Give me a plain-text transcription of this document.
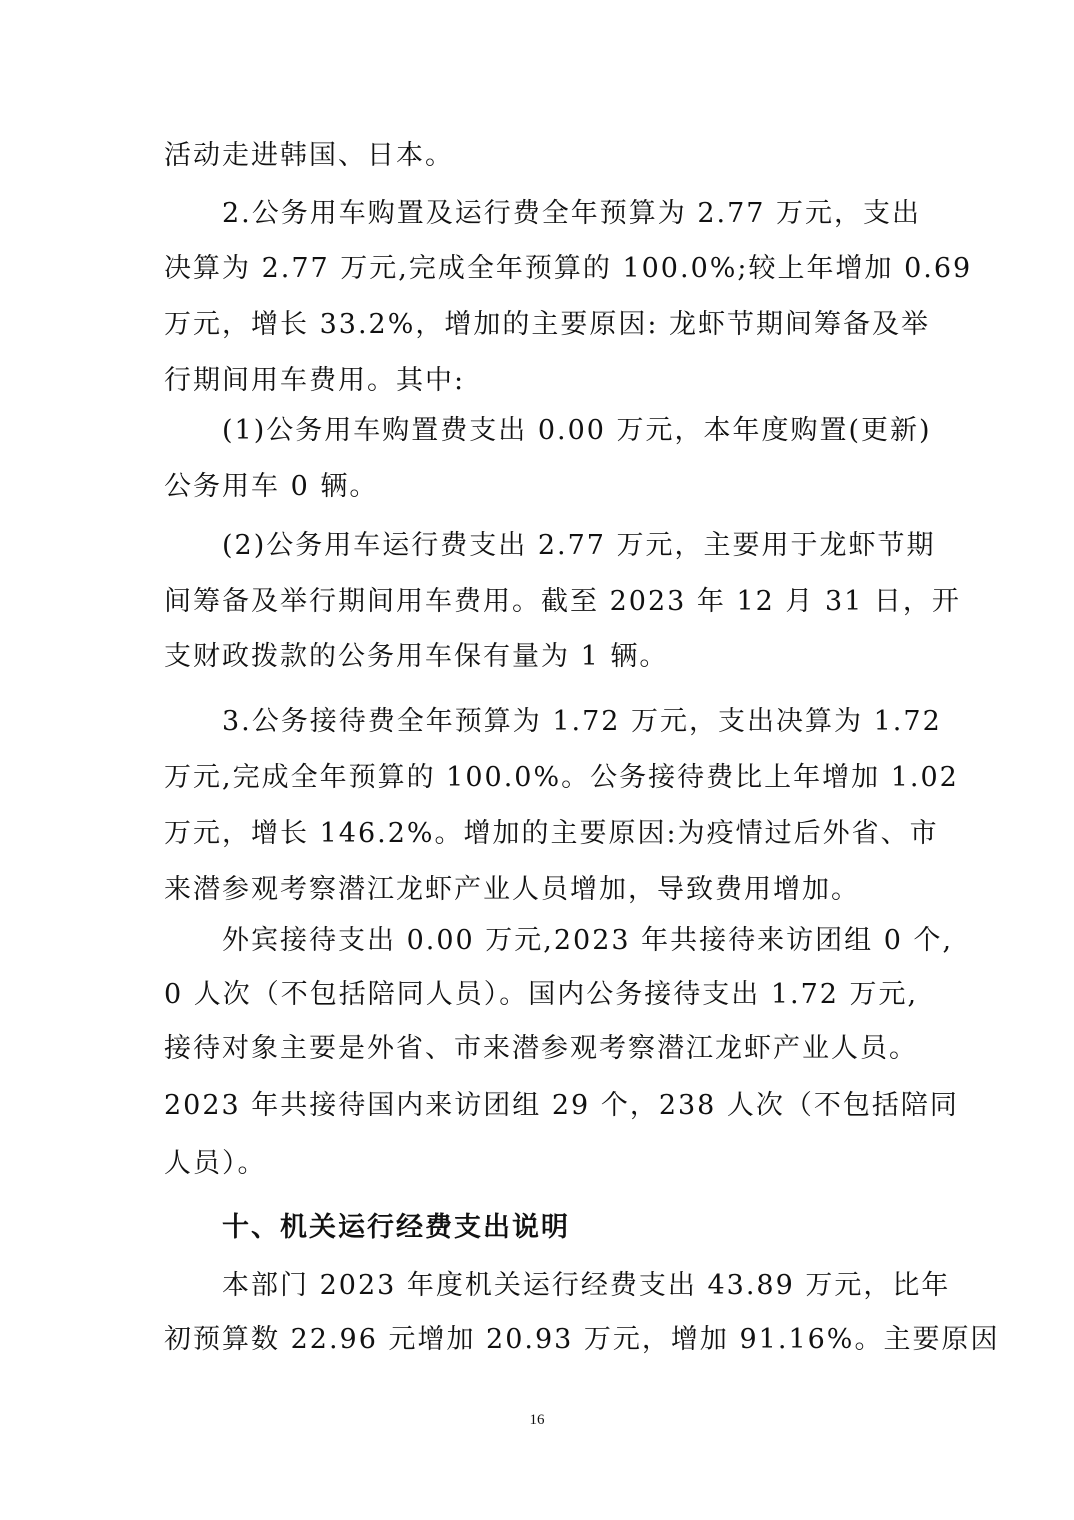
活动走进韩国、日本。
2.公务用车购置及运行费全年预算为 2.77 万元，支出
决算为 2.77 万元,完成全年预算的 100.0%;较上年增加 0.69
万元，增长 33.2%，增加的主要原因: 龙虾节期间筹备及举
行期间用车费用。其中:
(1)公务用车购置费支出 0.00 万元，本年度购置(更新)
公务用车 0 辆。
(2)公务用车运行费支出 2.77 万元，主要用于龙虾节期
间筹备及举行期间用车费用。截至 2023 年 12 月 31 日，开
支财政拨款的公务用车保有量为 1 辆。
3.公务接待费全年预算为 1.72 万元，支出决算为 1.72
万元,完成全年预算的 100.0%。公务接待费比上年增加 1.02
万元，增长 146.2%。增加的主要原因:为疫情过后外省、市
来潜参观考察潜江龙虾产业人员增加，导致费用增加。
外宾接待支出 0.00 万元,2023 年共接待来访团组 0 个,
0 人次（不包括陪同人员）。国内公务接待支出 1.72 万元,
接待对象主要是外省、市来潜参观考察潜江龙虾产业人员。
2023 年共接待国内来访团组 29 个，238 人次（不包括陪同
人员）。
十、机关运行经费支出说明
本部门 2023 年度机关运行经费支出 43.89 万元，比年
初预算数 22.96 元增加 20.93 万元，增加 91.16%。主要原因
16
